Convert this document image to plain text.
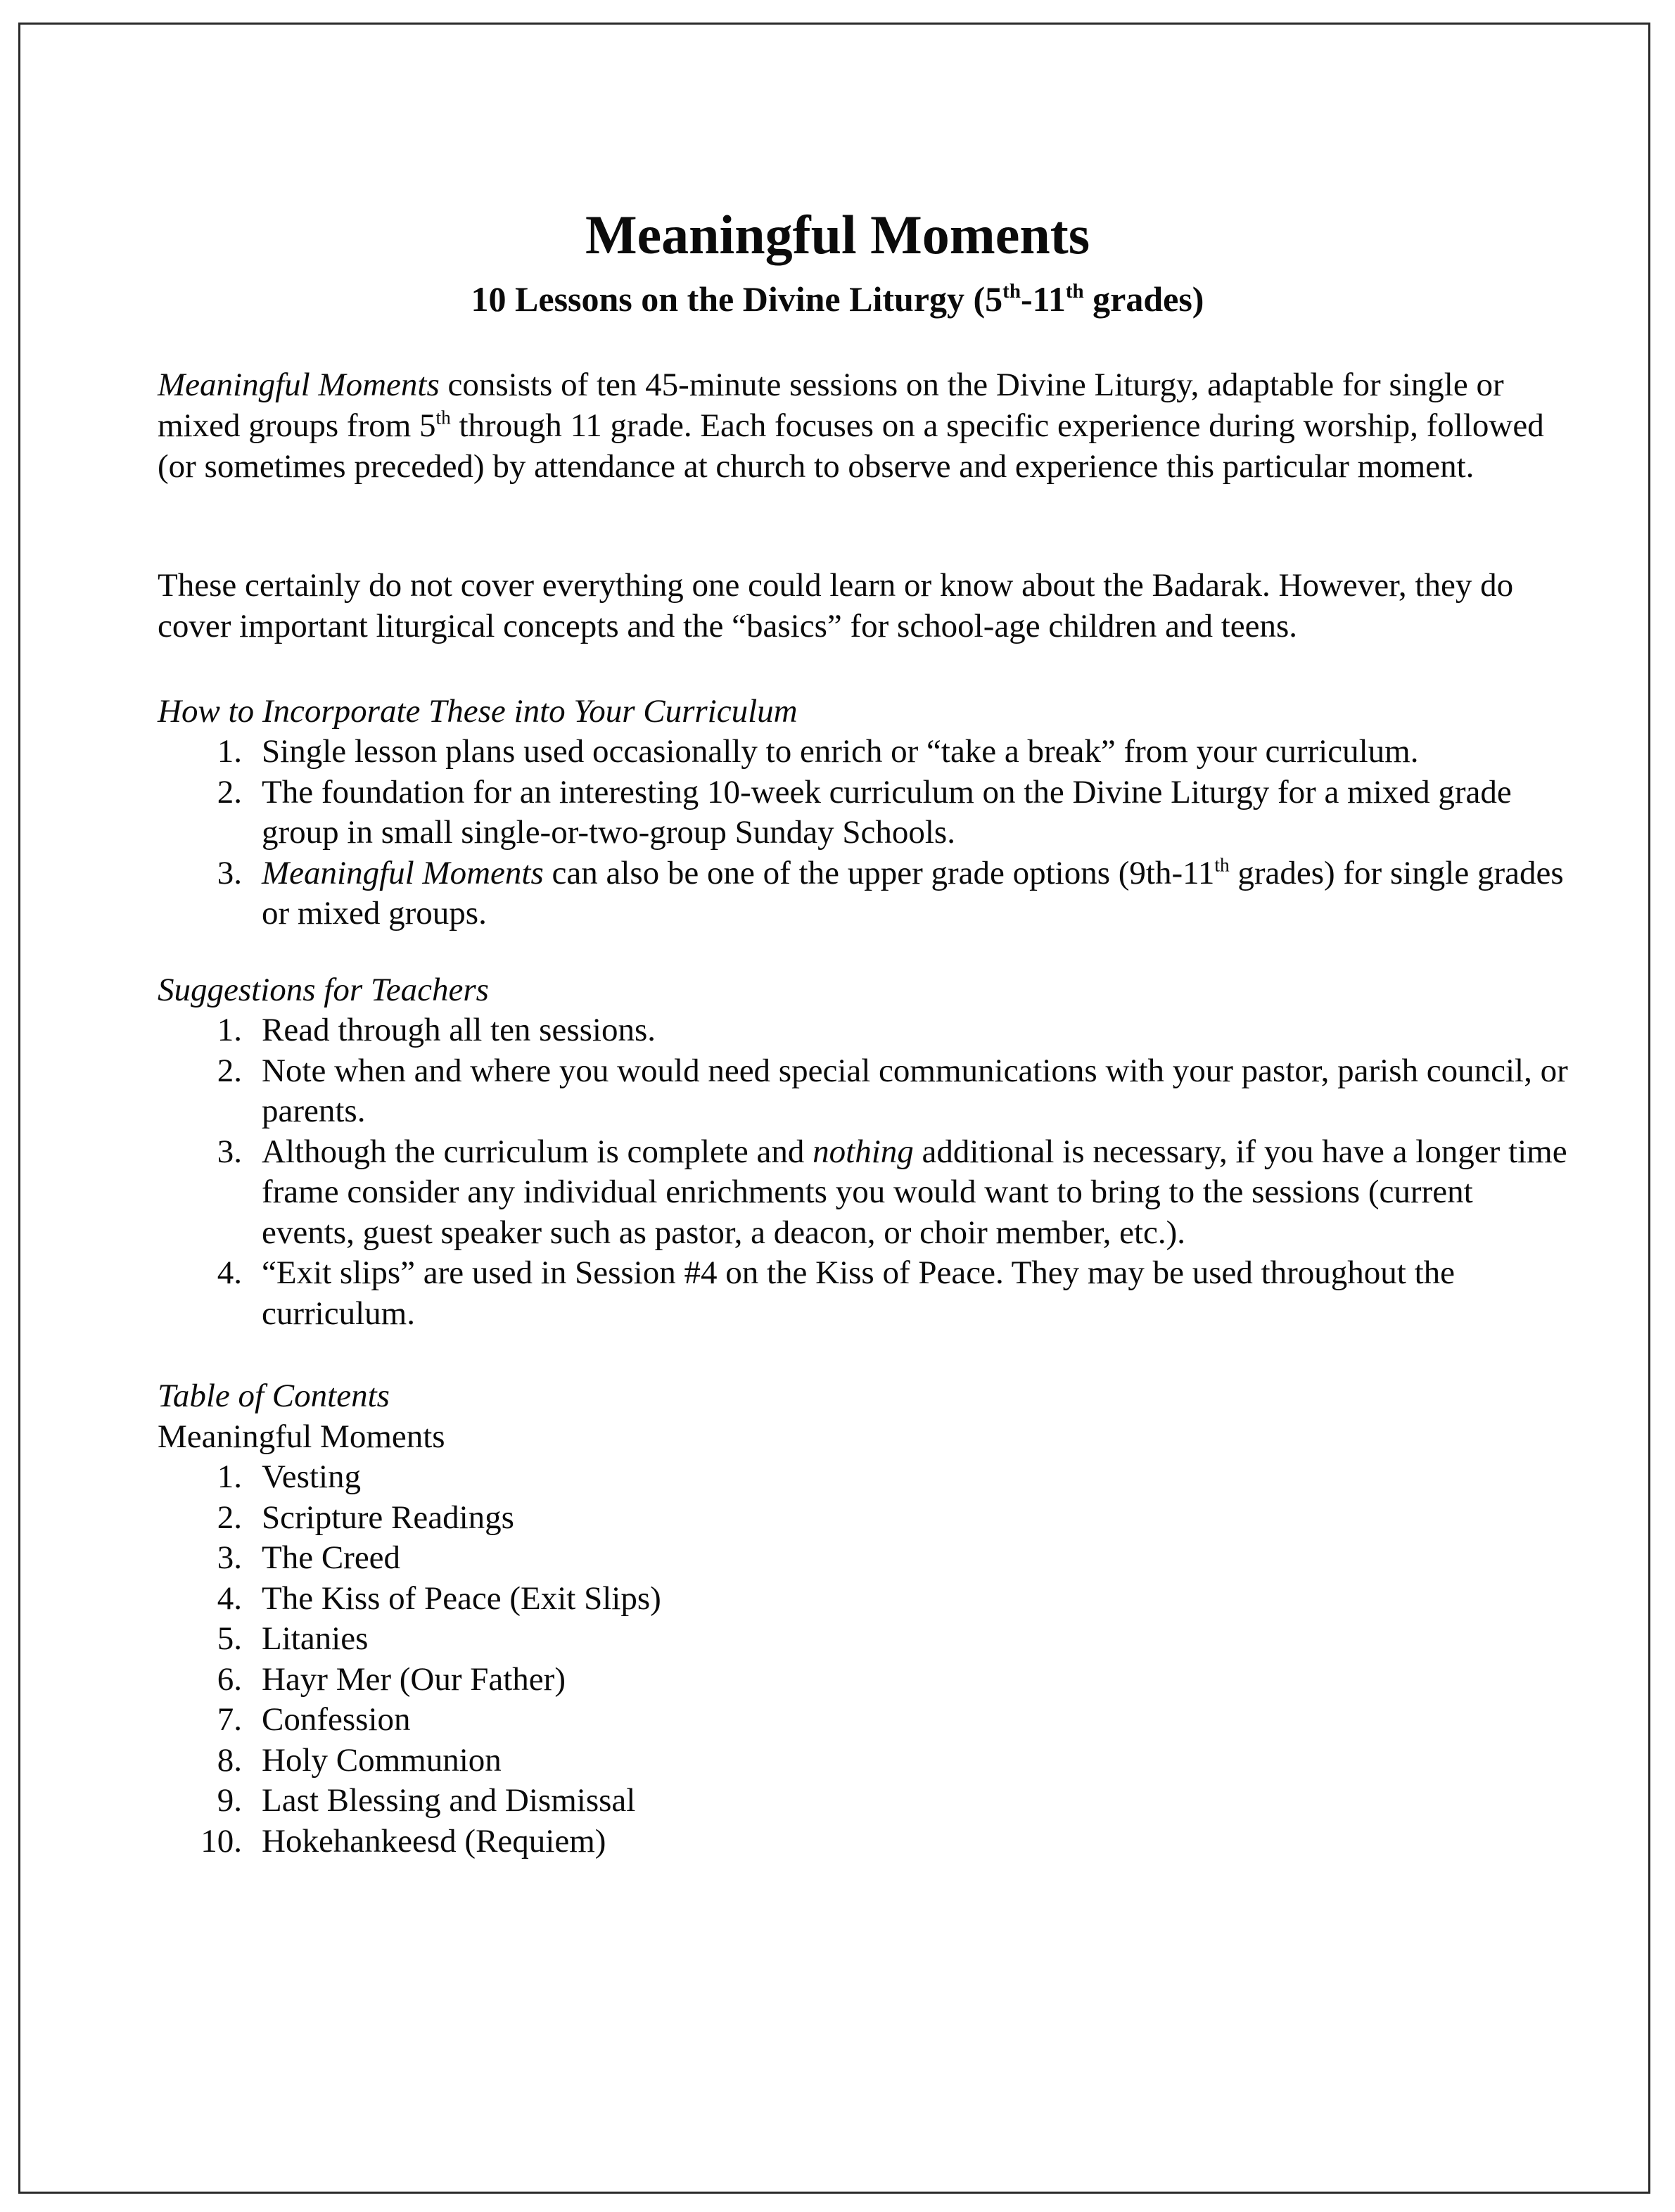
Meaningful Moments
10 Lessons on the Divine Liturgy (5th-11th grades)

Meaningful Moments consists of ten 45-minute sessions on the Divine Liturgy, adaptable for single or mixed groups from 5th through 11 grade. Each focuses on a specific experience during worship, followed (or sometimes preceded) by attendance at church to observe and experience this particular moment.

These certainly do not cover everything one could learn or know about the Badarak. However, they do cover important liturgical concepts and the “basics” for school-age children and teens.

How to Incorporate These into Your Curriculum

1. Single lesson plans used occasionally to enrich or “take a break” from your curriculum.
2. The foundation for an interesting 10-week curriculum on the Divine Liturgy for a mixed grade group in small single-or-two-group Sunday Schools.
3. Meaningful Moments can also be one of the upper grade options (9th-11th grades) for single grades or mixed groups.

Suggestions for Teachers

1. Read through all ten sessions.
2. Note when and where you would need special communications with your pastor, parish council, or parents.
3. Although the curriculum is complete and nothing additional is necessary, if you have a longer time frame consider any individual enrichments you would want to bring to the sessions (current events, guest speaker such as pastor, a deacon, or choir member, etc.).
4. “Exit slips” are used in Session #4 on the Kiss of Peace. They may be used throughout the curriculum.

Table of Contents

Meaningful Moments

1. Vesting
2. Scripture Readings
3. The Creed
4. The Kiss of Peace (Exit Slips)
5. Litanies
6. Hayr Mer (Our Father)
7. Confession
8. Holy Communion
9. Last Blessing and Dismissal
10. Hokehankeesd (Requiem)
